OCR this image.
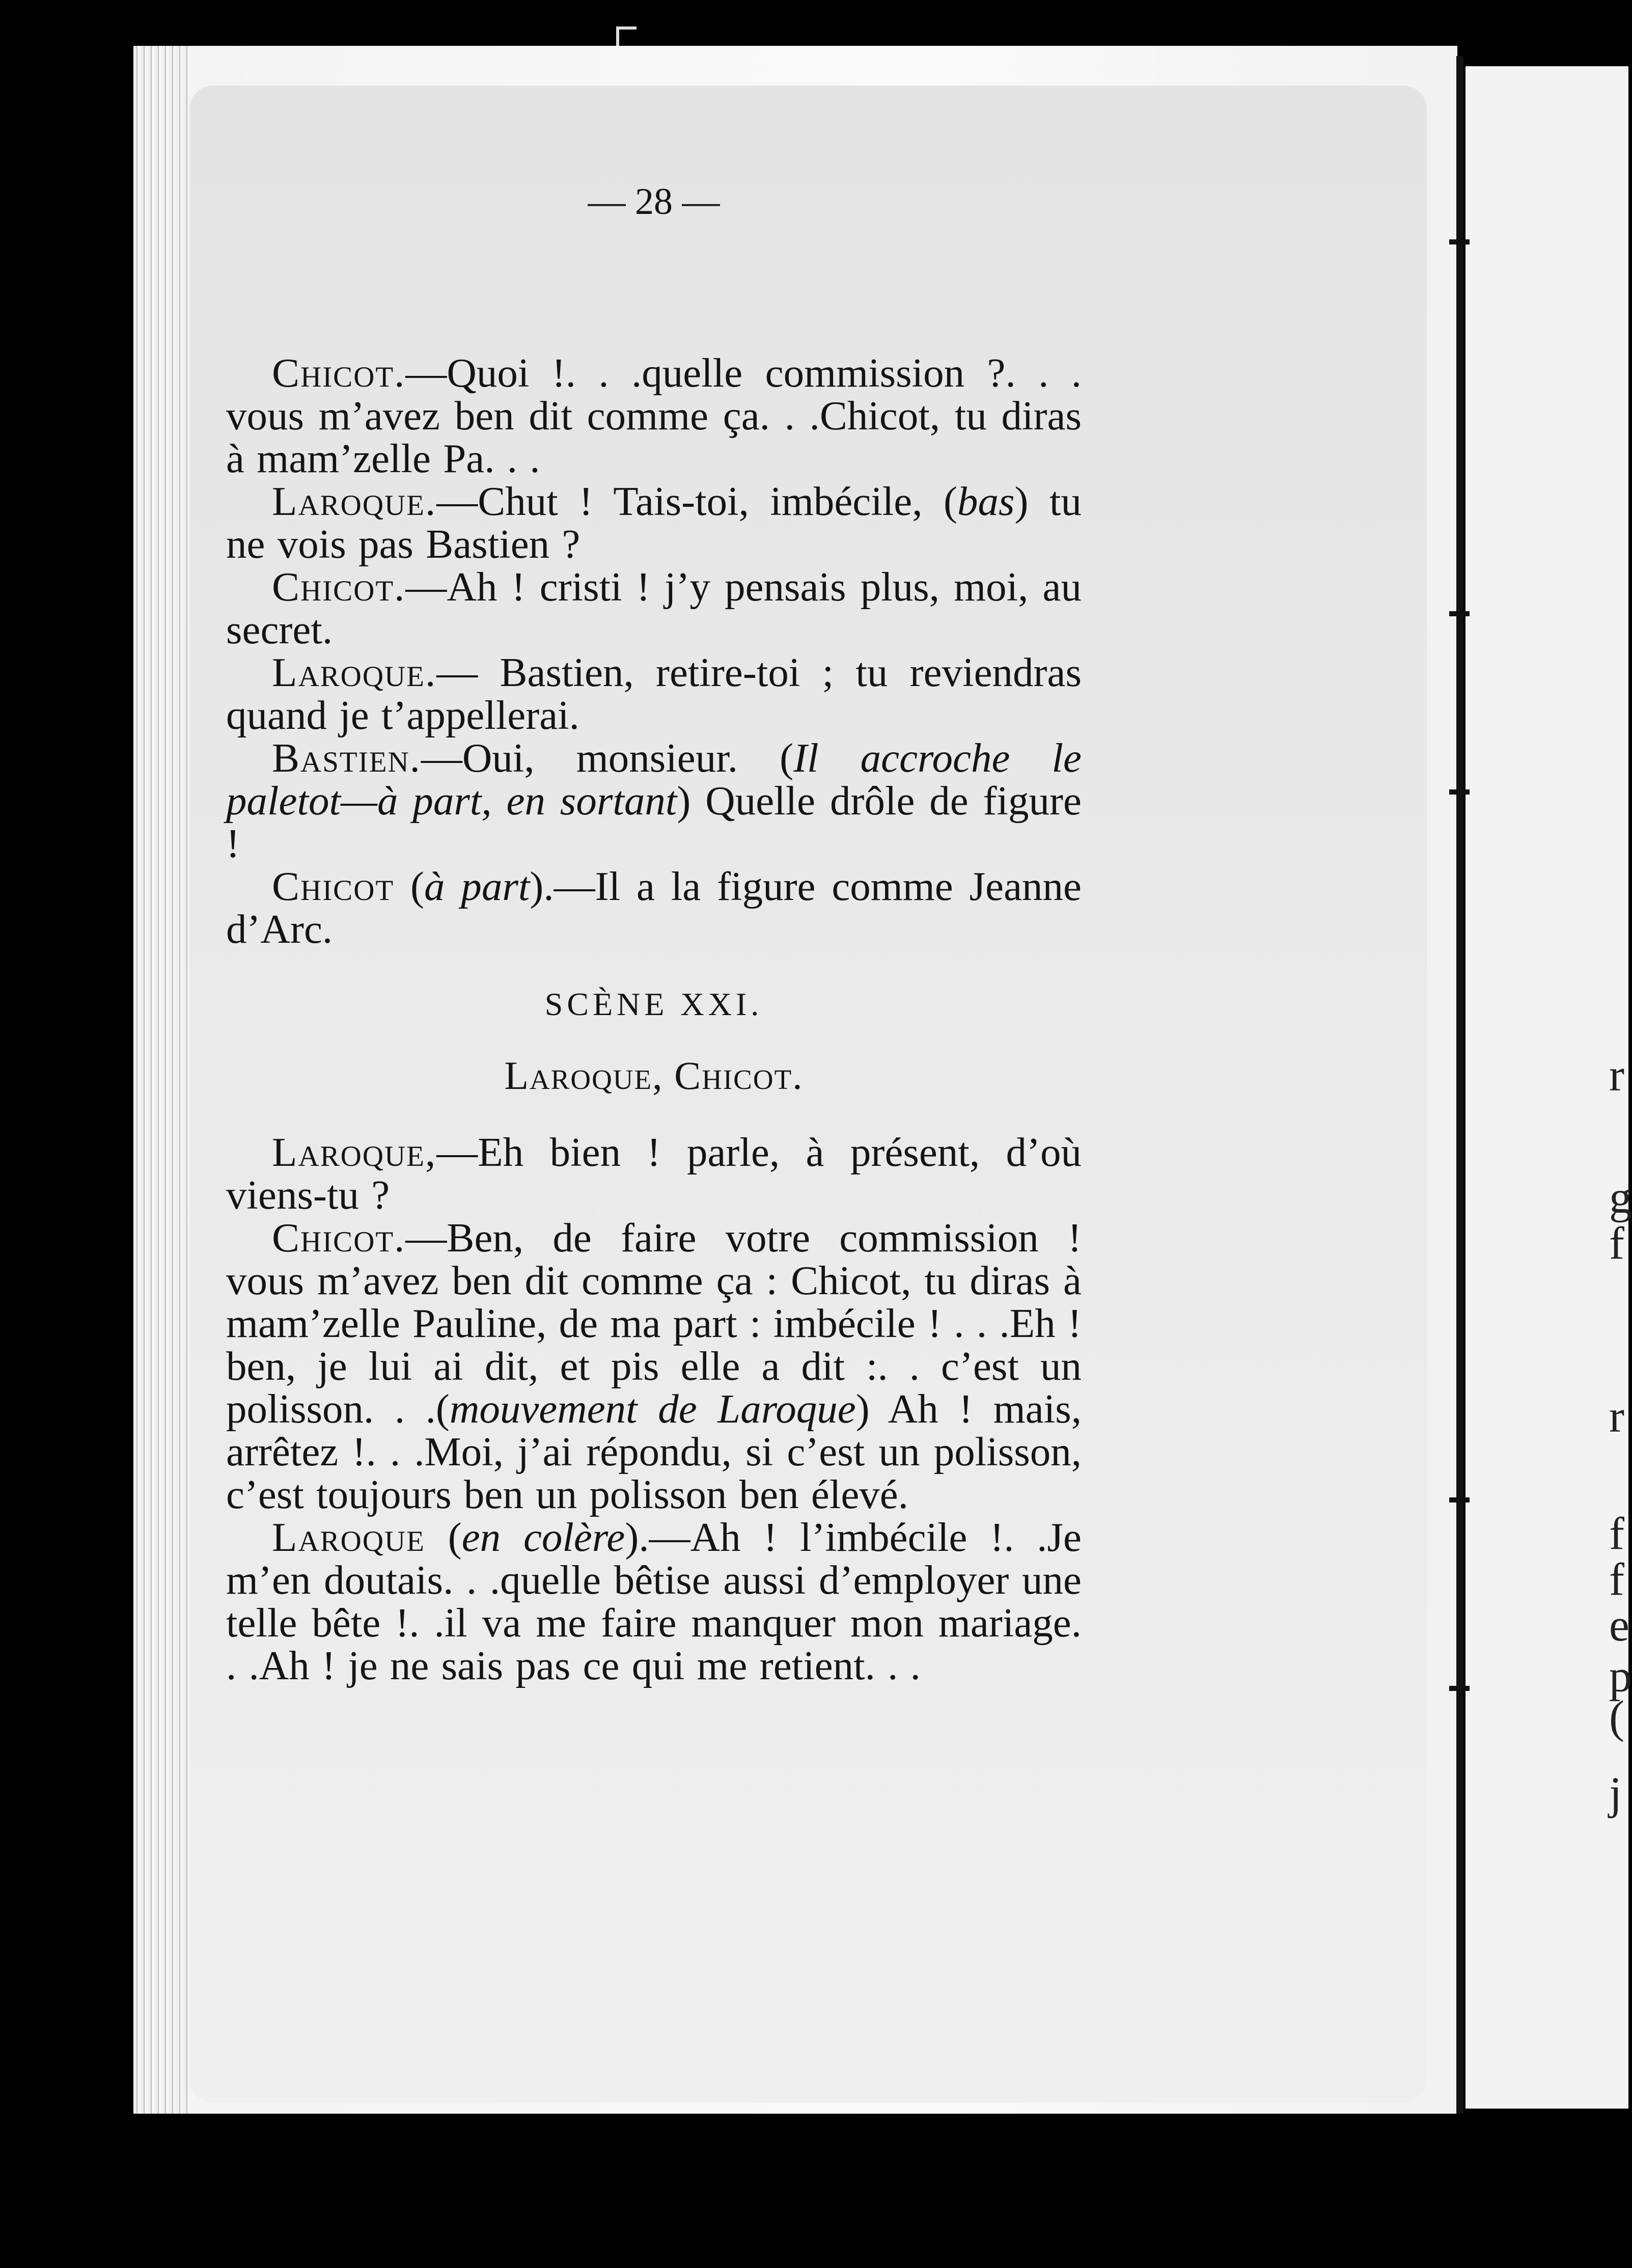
r
g
f
r
f
f
e
p
(
j
— 28 —

Chicot.—Quoi !. . .quelle commission ?. . . vous m’avez ben dit comme ça. . .Chicot, tu diras à mam’zelle Pa. . .

Laroque.—Chut ! Tais-toi, imbécile, (bas) tu ne vois pas Bastien ?

Chicot.—Ah ! cristi ! j’y pensais plus, moi, au secret.

Laroque.— Bastien, retire-toi ; tu reviendras quand je t’appellerai.

Bastien.—Oui, monsieur. (Il accroche le paletot—à part, en sortant) Quelle drôle de figure !

Chicot (à part).—Il a la figure comme Jeanne d’Arc.

SCÈNE XXI.

Laroque, Chicot.

Laroque,—Eh bien ! parle, à présent, d’où viens-tu ?

Chicot.—Ben, de faire votre commission ! vous m’avez ben dit comme ça : Chicot, tu diras à mam’zelle Pauline, de ma part : imbécile ! . . .Eh ! ben, je lui ai dit, et pis elle a dit :. . c’est un polisson. . .(mouvement de Laroque) Ah ! mais, arrêtez !. . .Moi, j’ai répondu, si c’est un polisson, c’est toujours ben un polisson ben élevé.

Laroque (en colère).—Ah ! l’imbécile !. .Je m’en doutais. . .quelle bêtise aussi d’employer une telle bête !. .il va me faire manquer mon mariage. . .Ah ! je ne sais pas ce qui me retient. . .
